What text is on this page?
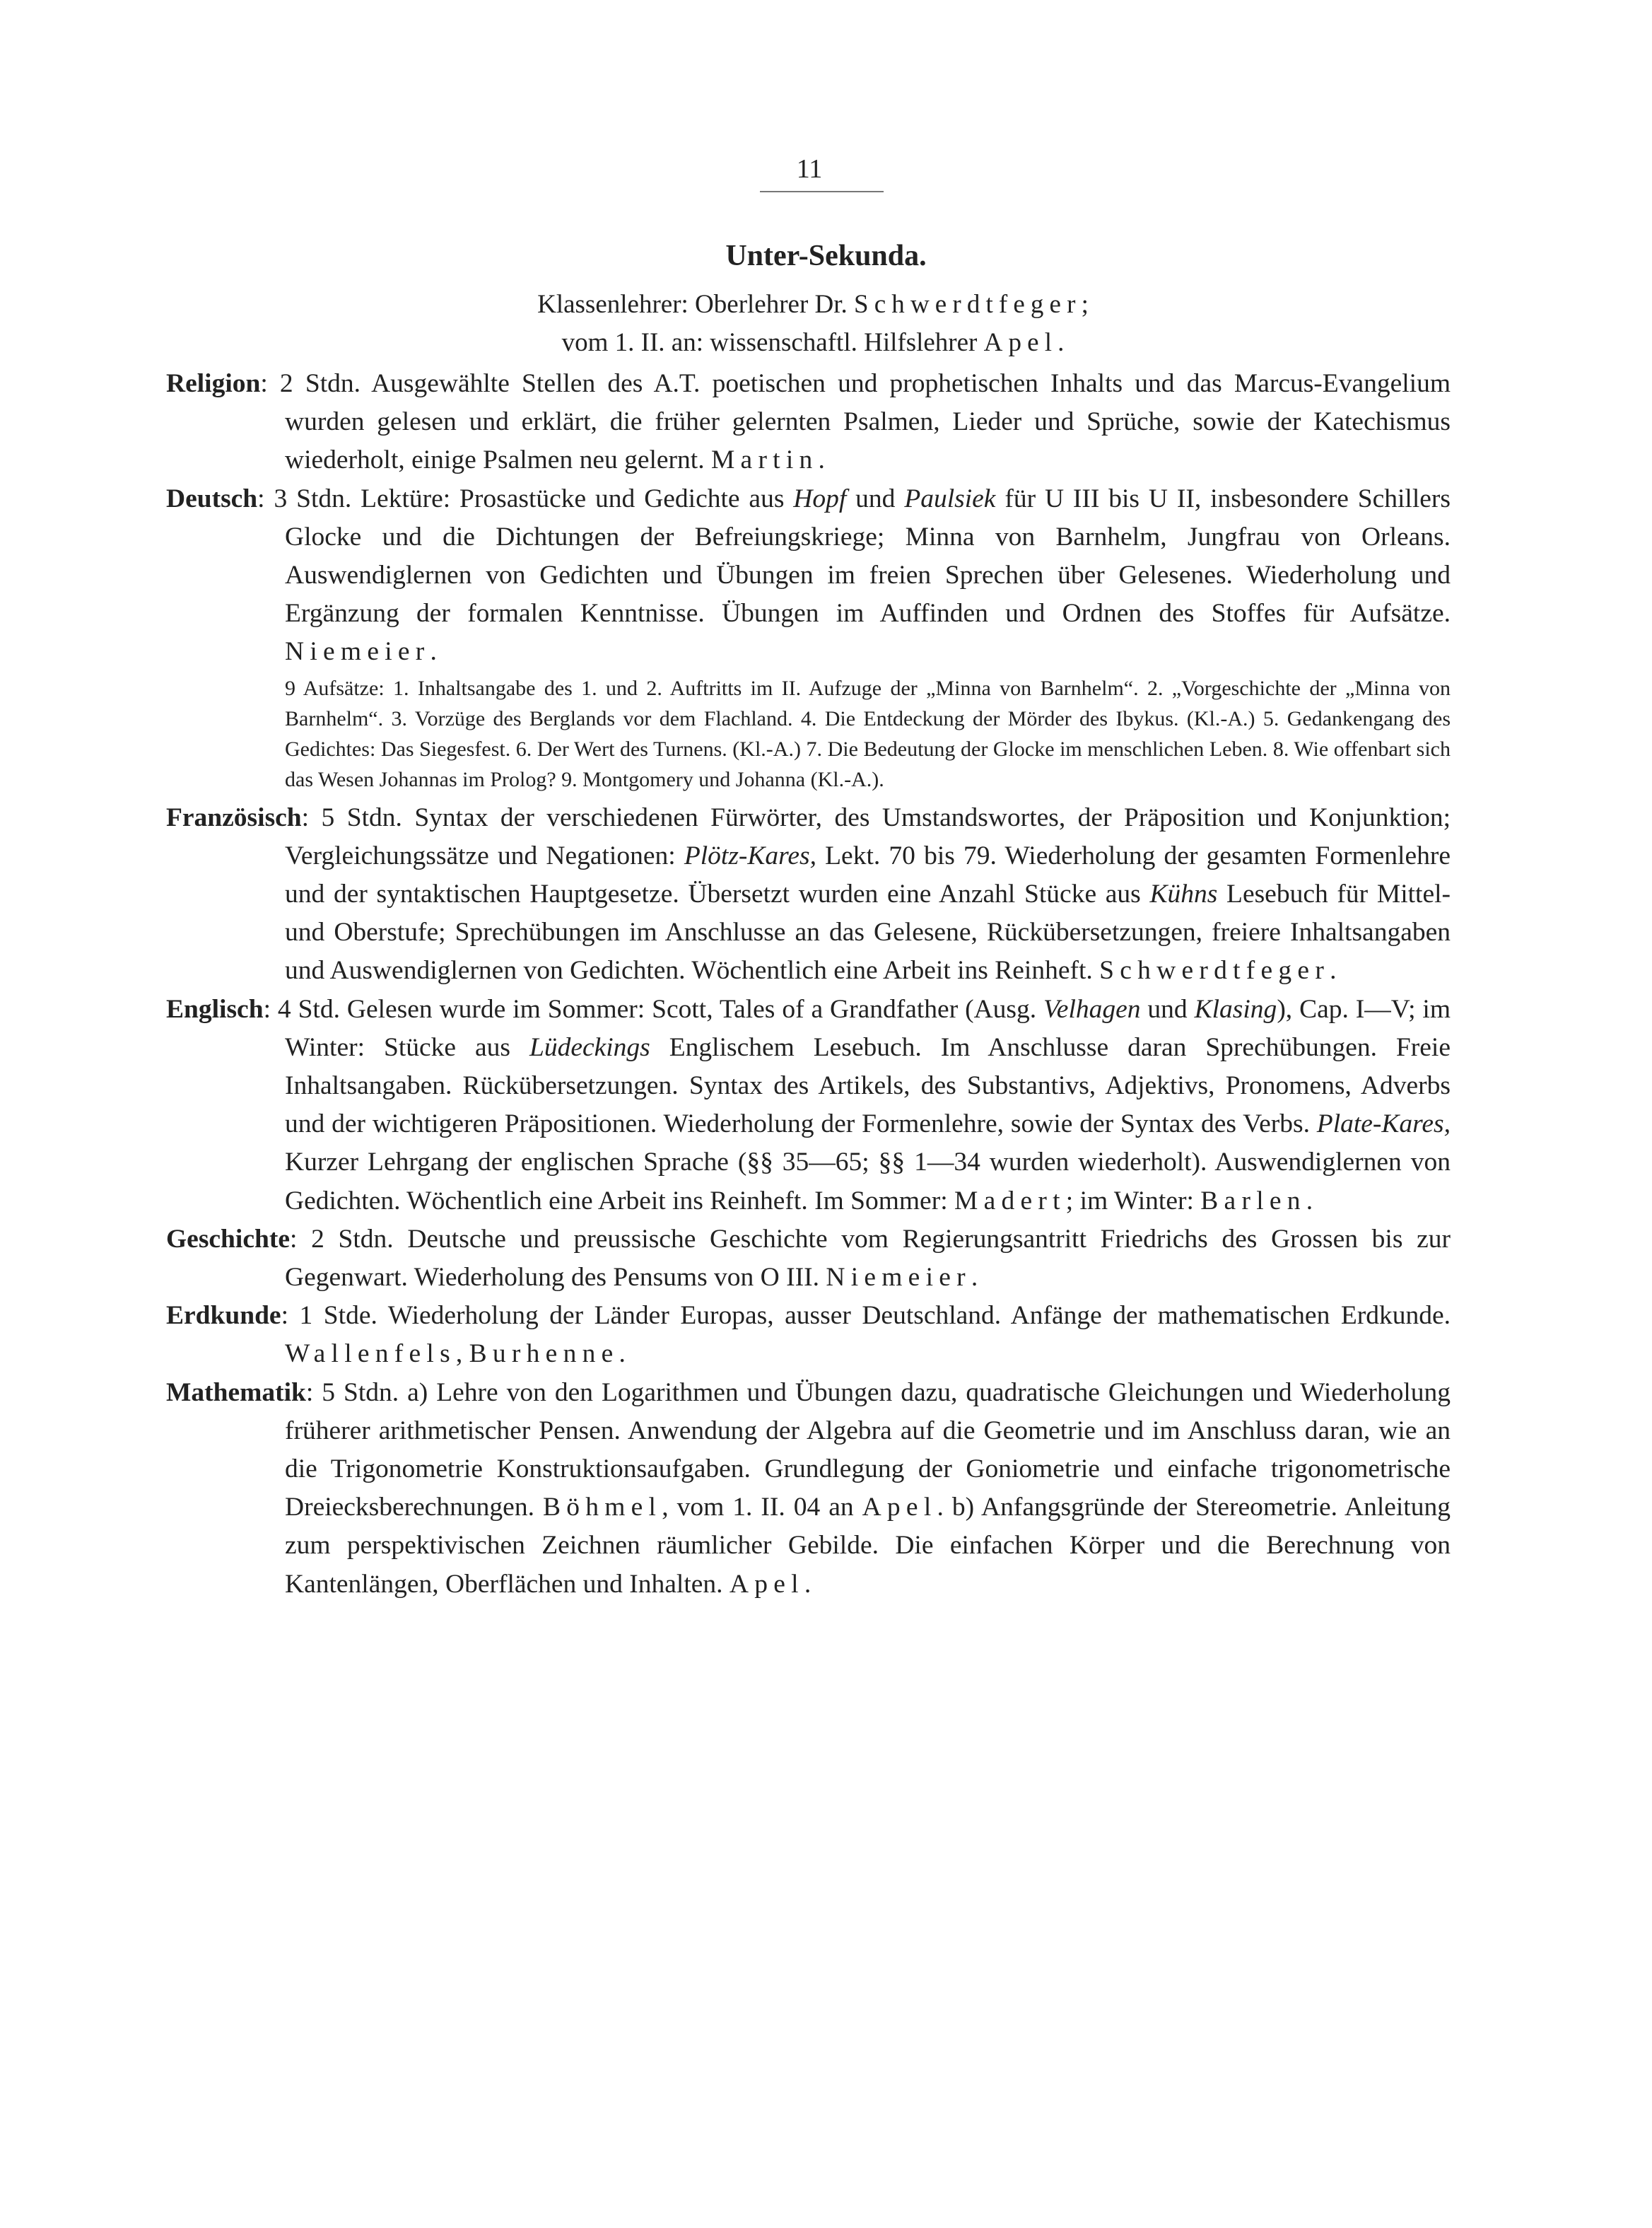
11
Unter-Sekunda.
Klassenlehrer: Oberlehrer Dr. Schwerdtfeger;
vom 1. II. an: wissenschaftl. Hilfslehrer Apel.

Religion: 2 Stdn. Ausgewählte Stellen des A.T. poetischen und prophetischen Inhalts und das Marcus-Evangelium wurden gelesen und erklärt, die früher gelernten Psalmen, Lieder und Sprüche, sowie der Katechismus wiederholt, einige Psalmen neu gelernt. Martin.

Deutsch: 3 Stdn. Lektüre: Prosastücke und Gedichte aus Hopf und Paulsiek für U III bis U II, insbesondere Schillers Glocke und die Dichtungen der Befreiungskriege; Minna von Barnhelm, Jungfrau von Orleans. Auswendiglernen von Gedichten und Übungen im freien Sprechen über Gelesenes. Wiederholung und Ergänzung der formalen Kenntnisse. Übungen im Auffinden und Ordnen des Stoffes für Aufsätze. Niemeier.

9 Aufsätze: 1. Inhaltsangabe des 1. und 2. Auftritts im II. Aufzuge der „Minna von Barnhelm“. 2. „Vorgeschichte der „Minna von Barnhelm“. 3. Vorzüge des Berglands vor dem Flachland. 4. Die Entdeckung der Mörder des Ibykus. (Kl.-A.) 5. Gedankengang des Gedichtes: Das Siegesfest. 6. Der Wert des Turnens. (Kl.-A.) 7. Die Bedeutung der Glocke im menschlichen Leben. 8. Wie offenbart sich das Wesen Johannas im Prolog? 9. Montgomery und Johanna (Kl.-A.).

Französisch: 5 Stdn. Syntax der verschiedenen Fürwörter, des Umstandswortes, der Präposition und Konjunktion; Vergleichungssätze und Negationen: Plötz-Kares, Lekt. 70 bis 79. Wiederholung der gesamten Formenlehre und der syntaktischen Hauptgesetze. Übersetzt wurden eine Anzahl Stücke aus Kühns Lesebuch für Mittel- und Oberstufe; Sprechübungen im Anschlusse an das Gelesene, Rückübersetzungen, freiere Inhaltsangaben und Auswendiglernen von Gedichten. Wöchentlich eine Arbeit ins Reinheft. Schwerdtfeger.

Englisch: 4 Std. Gelesen wurde im Sommer: Scott, Tales of a Grandfather (Ausg. Velhagen und Klasing), Cap. I—V; im Winter: Stücke aus Lüdeckings Englischem Lesebuch. Im Anschlusse daran Sprechübungen. Freie Inhaltsangaben. Rückübersetzungen. Syntax des Artikels, des Substantivs, Adjektivs, Pronomens, Adverbs und der wichtigeren Präpositionen. Wiederholung der Formenlehre, sowie der Syntax des Verbs. Plate-Kares, Kurzer Lehrgang der englischen Sprache (§§ 35—65; §§ 1—34 wurden wiederholt). Auswendiglernen von Gedichten. Wöchentlich eine Arbeit ins Reinheft. Im Sommer: Madert; im Winter: Barlen.

Geschichte: 2 Stdn. Deutsche und preussische Geschichte vom Regierungsantritt Friedrichs des Grossen bis zur Gegenwart. Wiederholung des Pensums von O III. Niemeier.

Erdkunde: 1 Stde. Wiederholung der Länder Europas, ausser Deutschland. Anfänge der mathematischen Erdkunde. Wallenfels, Burhenne.

Mathematik: 5 Stdn. a) Lehre von den Logarithmen und Übungen dazu, quadratische Gleichungen und Wiederholung früherer arithmetischer Pensen. Anwendung der Algebra auf die Geometrie und im Anschluss daran, wie an die Trigonometrie Konstruktionsaufgaben. Grundlegung der Goniometrie und einfache trigonometrische Dreiecksberechnungen. Böhmel, vom 1. II. 04 an Apel. b) Anfangsgründe der Stereometrie. Anleitung zum perspektivischen Zeichnen räumlicher Gebilde. Die einfachen Körper und die Berechnung von Kantenlängen, Oberflächen und Inhalten. Apel.
